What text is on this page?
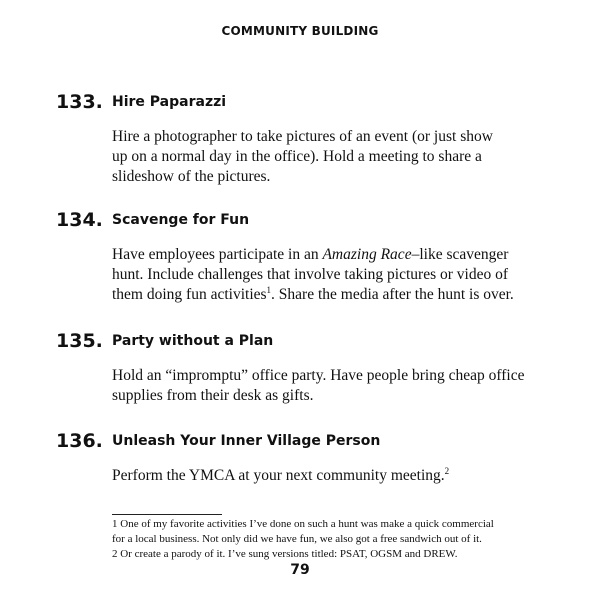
COMMUNITY BUILDING
133. Hire Paparazzi

Hire a photographer to take pictures of an event (or just show

up on a normal day in the office). Hold a meeting to share a

slideshow of the pictures.

134. Scavenge for Fun

Have employees participate in an Amazing Race–like scavenger

hunt. Include challenges that involve taking pictures or video of

them doing fun activities$^1$. Share the media after the hunt is over.

135. Party without a Plan

Hold an “impromptu” office party. Have people bring cheap office

supplies from their desk as gifts.

136. Unleash Your Inner Village Person

Perform the YMCA at your next community meeting.$^2$

1 One of my favorite activities I’ve done on such a hunt was make a quick commercial
for a local business. Not only did we have fun, we also got a free sandwich out of it.
2 Or create a parody of it. I’ve sung versions titled: PSAT, OGSM and DREW.
79
